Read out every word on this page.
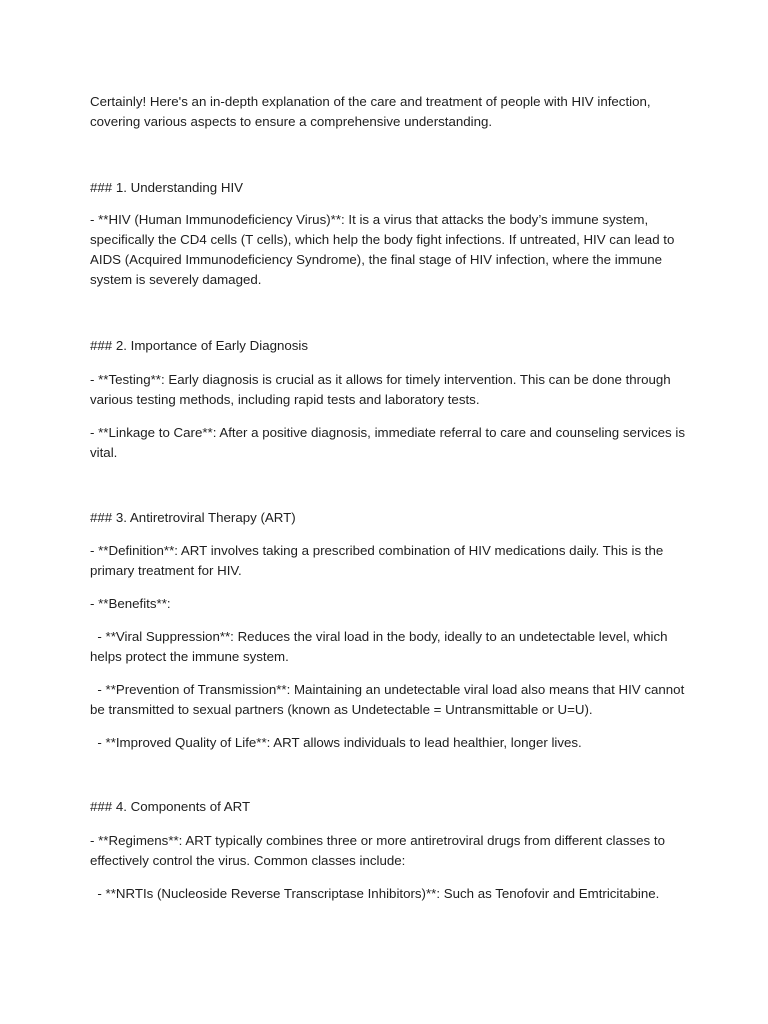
Certainly! Here's an in-depth explanation of the care and treatment of people with HIV infection, covering various aspects to ensure a comprehensive understanding.

### 1. Understanding HIV

- **HIV (Human Immunodeficiency Virus)**: It is a virus that attacks the body’s immune system, specifically the CD4 cells (T cells), which help the body fight infections. If untreated, HIV can lead to AIDS (Acquired Immunodeficiency Syndrome), the final stage of HIV infection, where the immune system is severely damaged.

### 2. Importance of Early Diagnosis

- **Testing**: Early diagnosis is crucial as it allows for timely intervention. This can be done through various testing methods, including rapid tests and laboratory tests.

- **Linkage to Care**: After a positive diagnosis, immediate referral to care and counseling services is vital.

### 3. Antiretroviral Therapy (ART)

- **Definition**: ART involves taking a prescribed combination of HIV medications daily. This is the primary treatment for HIV.

- **Benefits**:

- **Viral Suppression**: Reduces the viral load in the body, ideally to an undetectable level, which helps protect the immune system.

- **Prevention of Transmission**: Maintaining an undetectable viral load also means that HIV cannot be transmitted to sexual partners (known as Undetectable = Untransmittable or U=U).

- **Improved Quality of Life**: ART allows individuals to lead healthier, longer lives.

### 4. Components of ART

- **Regimens**: ART typically combines three or more antiretroviral drugs from different classes to effectively control the virus. Common classes include:

- **NRTIs (Nucleoside Reverse Transcriptase Inhibitors)**: Such as Tenofovir and Emtricitabine.
